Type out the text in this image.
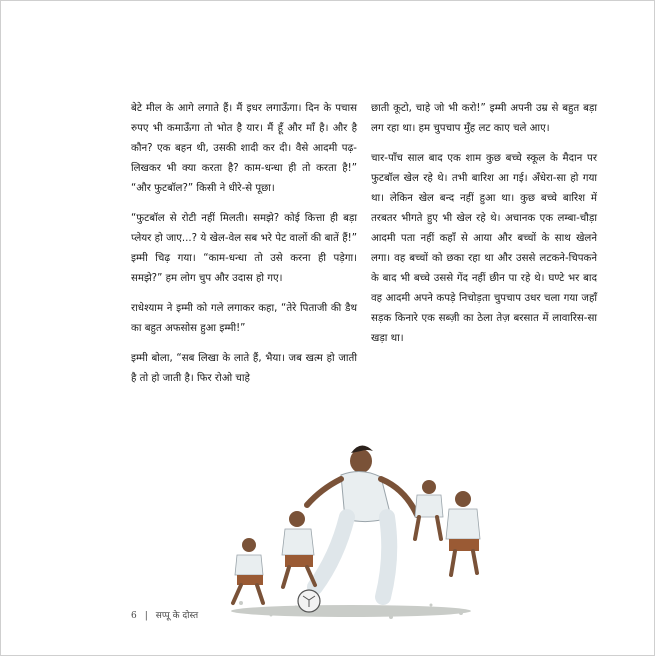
बेटे मील के आगे लगाते हैं। मैं इधर लगाऊँगा। दिन के पचास रुपए भी कमाऊँगा तो भोत है यार। मैं हूँ और माँ है। और है कौन? एक बहन थी, उसकी शादी कर दी। वैसे आदमी पढ़-लिखकर भी क्या करता है? काम-धन्धा ही तो करता है!” “और फुटबॉल?” किसी ने धीरे-से पूछा।

“फुटबॉल से रोटी नहीं मिलती। समझे? कोई कित्ता ही बड़ा प्लेयर हो जाए...? ये खेल-वेल सब भरे पेट वालों की बातें हैं!” इम्मी चिढ़ गया। “काम-धन्धा तो उसे करना ही पड़ेगा। समझे?” हम लोग चुप और उदास हो गए।

राधेश्याम ने इम्मी को गले लगाकर कहा, “तेरे पिताजी की डैथ का बहुत अफसोस हुआ इम्मी!”

इम्मी बोला, “सब लिखा के लाते हैं, भैया। जब खत्म हो जाती है तो हो जाती है। फिर रोओ चाहे

छाती कूटो, चाहे जो भी करो!” इम्मी अपनी उम्र से बहुत बड़ा लग रहा था। हम चुपचाप मुँह लट काए चले आए।

चार-पाँच साल बाद एक शाम कुछ बच्चे स्कूल के मैदान पर फुटबॉल खेल रहे थे। तभी बारिश आ गई। अँधेरा-सा हो गया था। लेकिन खेल बन्द नहीं हुआ था। कुछ बच्चे बारिश में तरबतर भीगते हुए भी खेल रहे थे। अचानक एक लम्बा-चौड़ा आदमी पता नहीं कहाँ से आया और बच्चों के साथ खेलने लगा। वह बच्चों को छका रहा था और उससे लटकने-चिपकने के बाद भी बच्चे उससे गेंद नहीं छीन पा रहे थे। घण्टे भर बाद वह आदमी अपने कपड़े निचोड़ता चुपचाप उधर चला गया जहाँ सड़क किनारे एक सब्ज़ी का ठेला तेज़ बरसात में लावारिस-सा खड़ा था।

6 | सप्पू के दोस्त
